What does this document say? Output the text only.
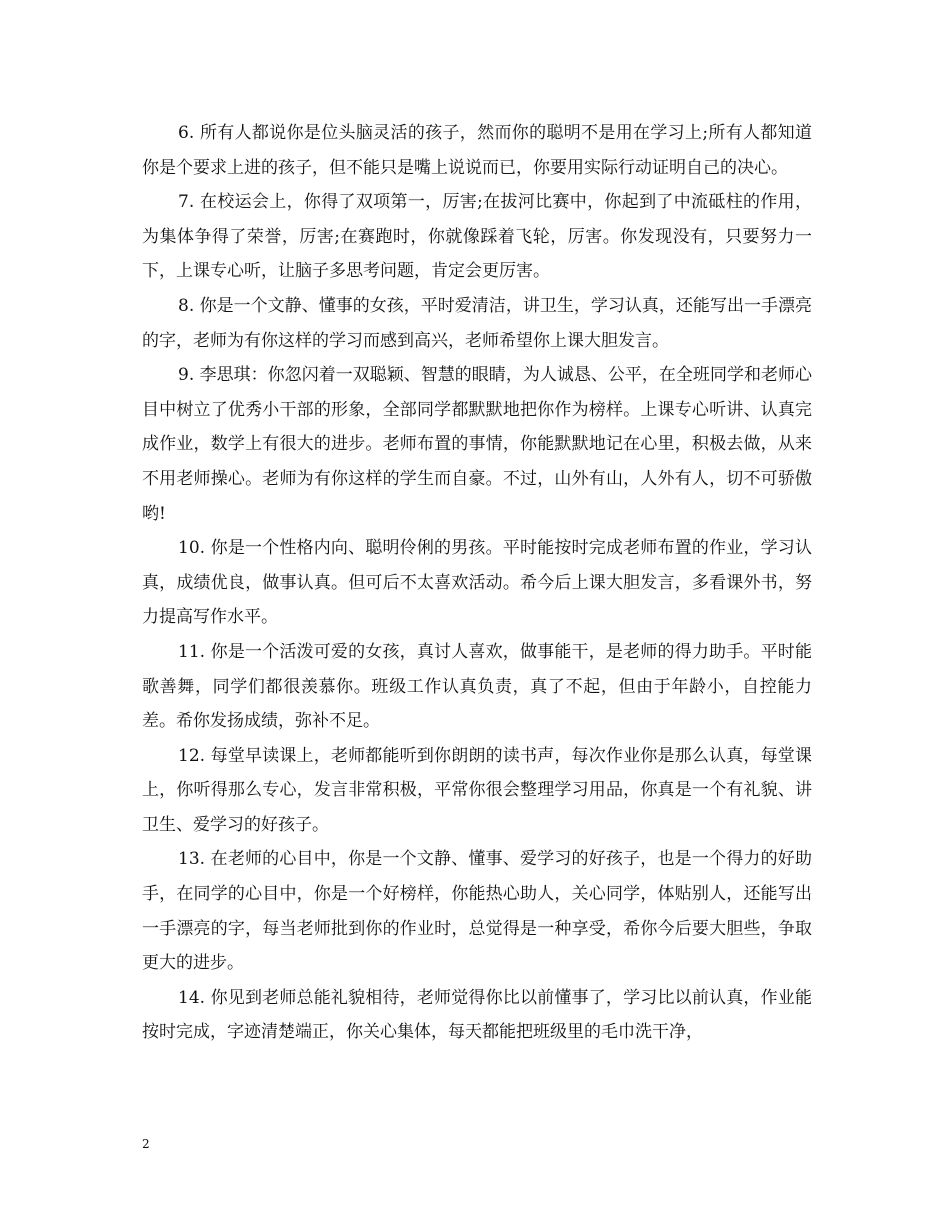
6. 所有人都说你是位头脑灵活的孩子，然而你的聪明不是用在学习上;所有人都知道你是个要求上进的孩子，但不能只是嘴上说说而已，你要用实际行动证明自己的决心。

7. 在校运会上，你得了双项第一，厉害;在拔河比赛中，你起到了中流砥柱的作用，为集体争得了荣誉，厉害;在赛跑时，你就像踩着飞轮，厉害。你发现没有，只要努力一下，上课专心听，让脑子多思考问题，肯定会更厉害。

8. 你是一个文静、懂事的女孩，平时爱清洁，讲卫生，学习认真，还能写出一手漂亮的字，老师为有你这样的学习而感到高兴，老师希望你上课大胆发言。

9. 李思琪：你忽闪着一双聪颖、智慧的眼睛，为人诚恳、公平，在全班同学和老师心目中树立了优秀小干部的形象，全部同学都默默地把你作为榜样。上课专心听讲、认真完成作业，数学上有很大的进步。老师布置的事情，你能默默地记在心里，积极去做，从来不用老师操心。老师为有你这样的学生而自豪。不过，山外有山，人外有人，切不可骄傲哟!

10. 你是一个性格内向、聪明伶俐的男孩。平时能按时完成老师布置的作业，学习认真，成绩优良，做事认真。但可后不太喜欢活动。希今后上课大胆发言，多看课外书，努力提高写作水平。

11. 你是一个活泼可爱的女孩，真讨人喜欢，做事能干，是老师的得力助手。平时能歌善舞，同学们都很羡慕你。班级工作认真负责，真了不起，但由于年龄小，自控能力差。希你发扬成绩，弥补不足。

12. 每堂早读课上，老师都能听到你朗朗的读书声，每次作业你是那么认真，每堂课上，你听得那么专心，发言非常积极，平常你很会整理学习用品，你真是一个有礼貌、讲卫生、爱学习的好孩子。

13. 在老师的心目中，你是一个文静、懂事、爱学习的好孩子，也是一个得力的好助手，在同学的心目中，你是一个好榜样，你能热心助人，关心同学，体贴别人，还能写出一手漂亮的字，每当老师批到你的作业时，总觉得是一种享受，希你今后要大胆些，争取更大的进步。

14. 你见到老师总能礼貌相待，老师觉得你比以前懂事了，学习比以前认真，作业能按时完成，字迹清楚端正，你关心集体，每天都能把班级里的毛巾洗干净，

2
